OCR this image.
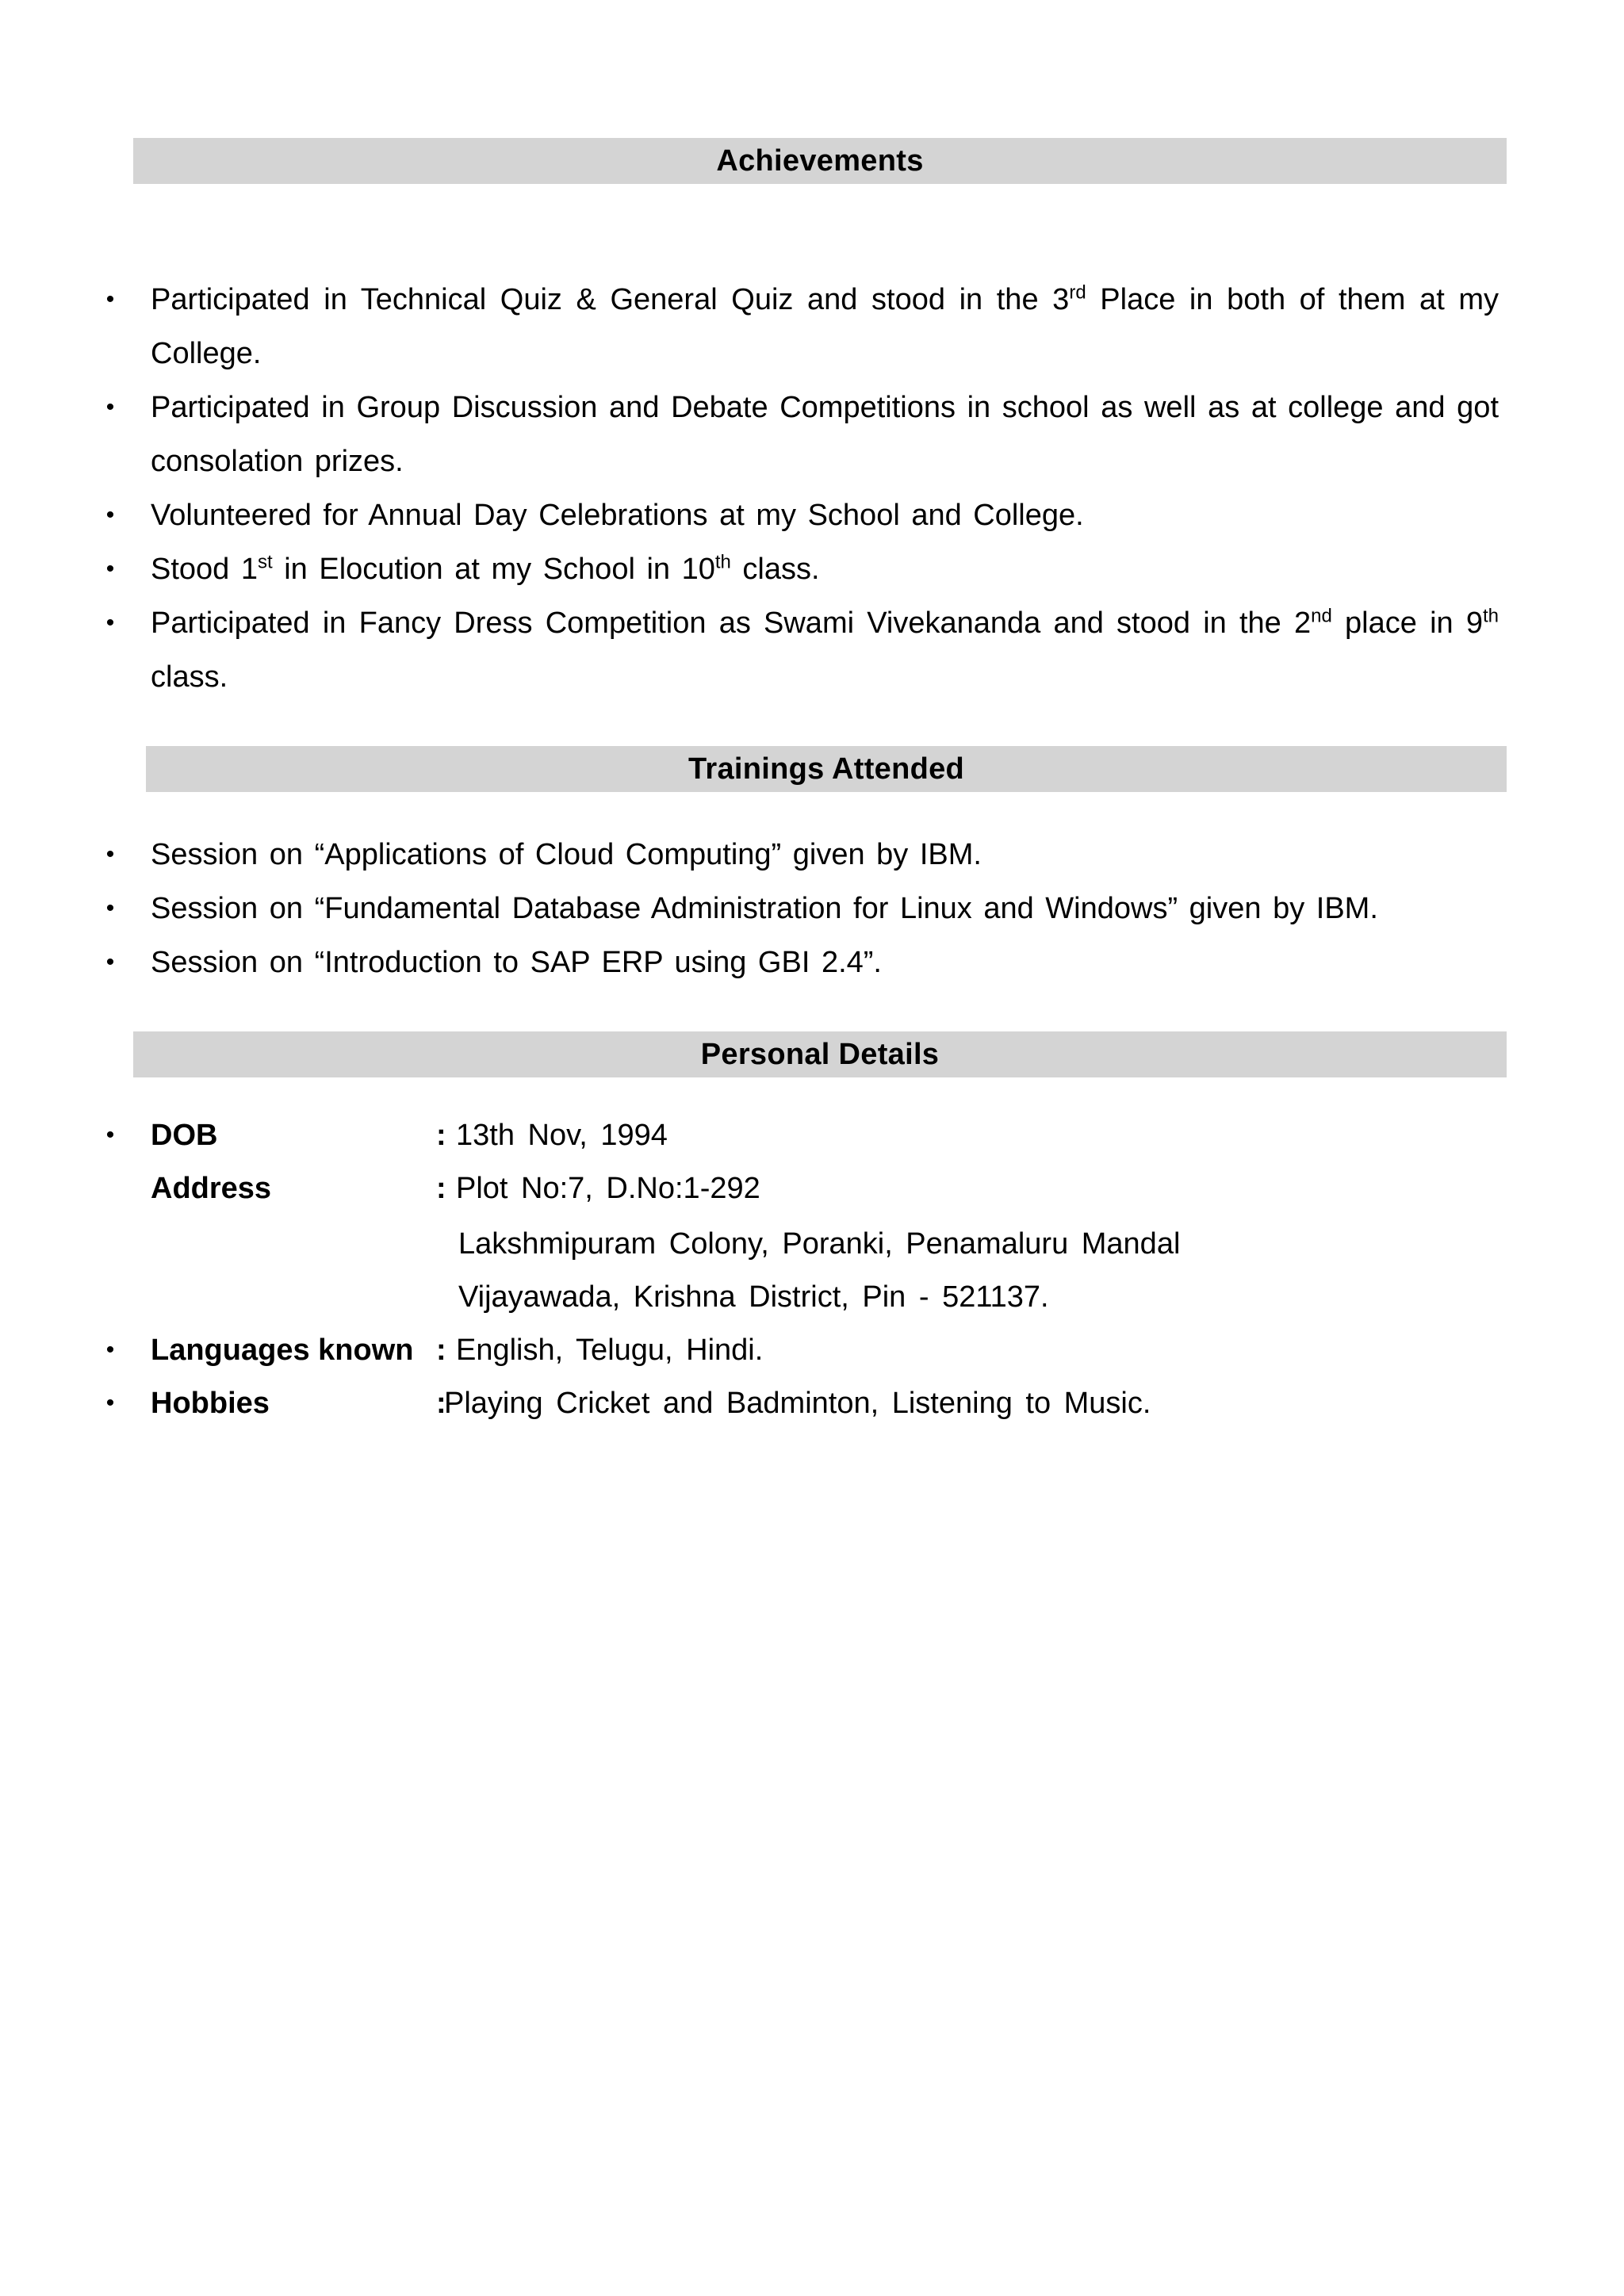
Achievements
• Participated in Technical Quiz & General Quiz and stood in the 3rd Place in both of them at my College.
• Participated in Group Discussion and Debate Competitions in school as well as at college and got consolation prizes.
• Volunteered for Annual Day Celebrations at my School and College.
• Stood 1st in Elocution at my School in 10th class.
• Participated in Fancy Dress Competition as Swami Vivekananda and stood in the 2nd place in 9th class.
Trainings Attended
• Session on “Applications of Cloud Computing” given by IBM.
• Session on “Fundamental Database Administration for Linux and Windows” given by IBM.
• Session on “Introduction to SAP ERP using GBI 2.4”.
Personal Details
• DOB	: 13th Nov, 1994
Address	: Plot No:7, D.No:1-292
Lakshmipuram Colony, Poranki, Penamaluru Mandal
Vijayawada, Krishna District, Pin - 521137.
• Languages known : English, Telugu, Hindi.
• Hobbies	:
Playing Cricket and Badminton, Listening to Music.
